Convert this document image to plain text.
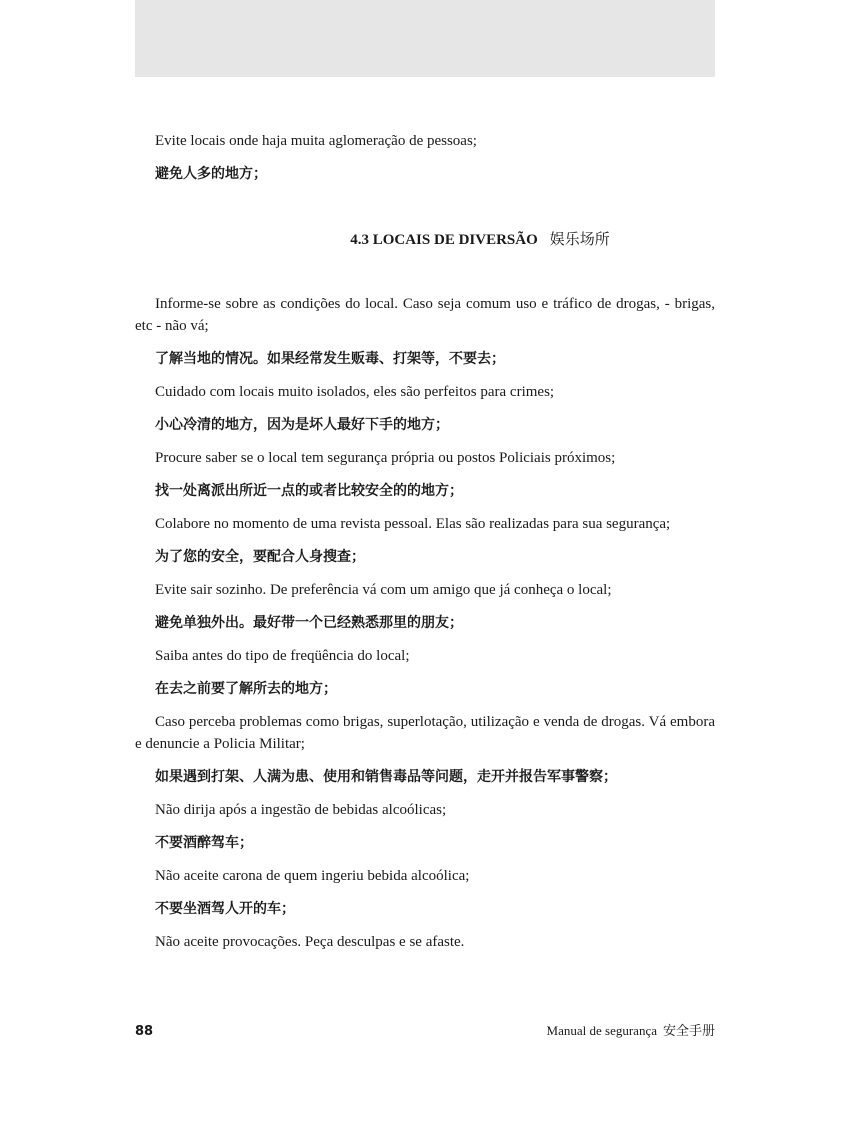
Evite locais onde haja muita aglomeração de pessoas;

避免人多的地方；

4.3 LOCAIS DE DIVERSÃO 娱乐场所

Informe-se sobre as condições do local. Caso seja comum uso e tráfico de drogas, - brigas, etc - não vá;

了解当地的情况。如果经常发生贩毒、打架等，不要去；

Cuidado com locais muito isolados, eles são perfeitos para crimes;

小心冷清的地方，因为是坏人最好下手的地方；

Procure saber se o local tem segurança própria ou postos Policiais próximos;

找一处离派出所近一点的或者比较安全的的地方；

Colabore no momento de uma revista pessoal. Elas são realizadas para sua segurança;

为了您的安全，要配合人身搜查；

Evite sair sozinho. De preferência vá com um amigo que já conheça o local;

避免单独外出。最好带一个已经熟悉那里的朋友；

Saiba antes do tipo de freqüência do local;

在去之前要了解所去的地方；

Caso perceba problemas como brigas, superlotação, utilização e venda de drogas. Vá embora e denuncie a Policia Militar;

如果遇到打架、人满为患、使用和销售毒品等问题，走开并报告军事警察；

Não dirija após a ingestão de bebidas alcoólicas;

不要酒醉驾车；

Não aceite carona de quem ingeriu bebida alcoólica;

不要坐酒驾人开的车；

Não aceite provocações. Peça desculpas e se afaste.

88	Manual de segurança 安全手册
